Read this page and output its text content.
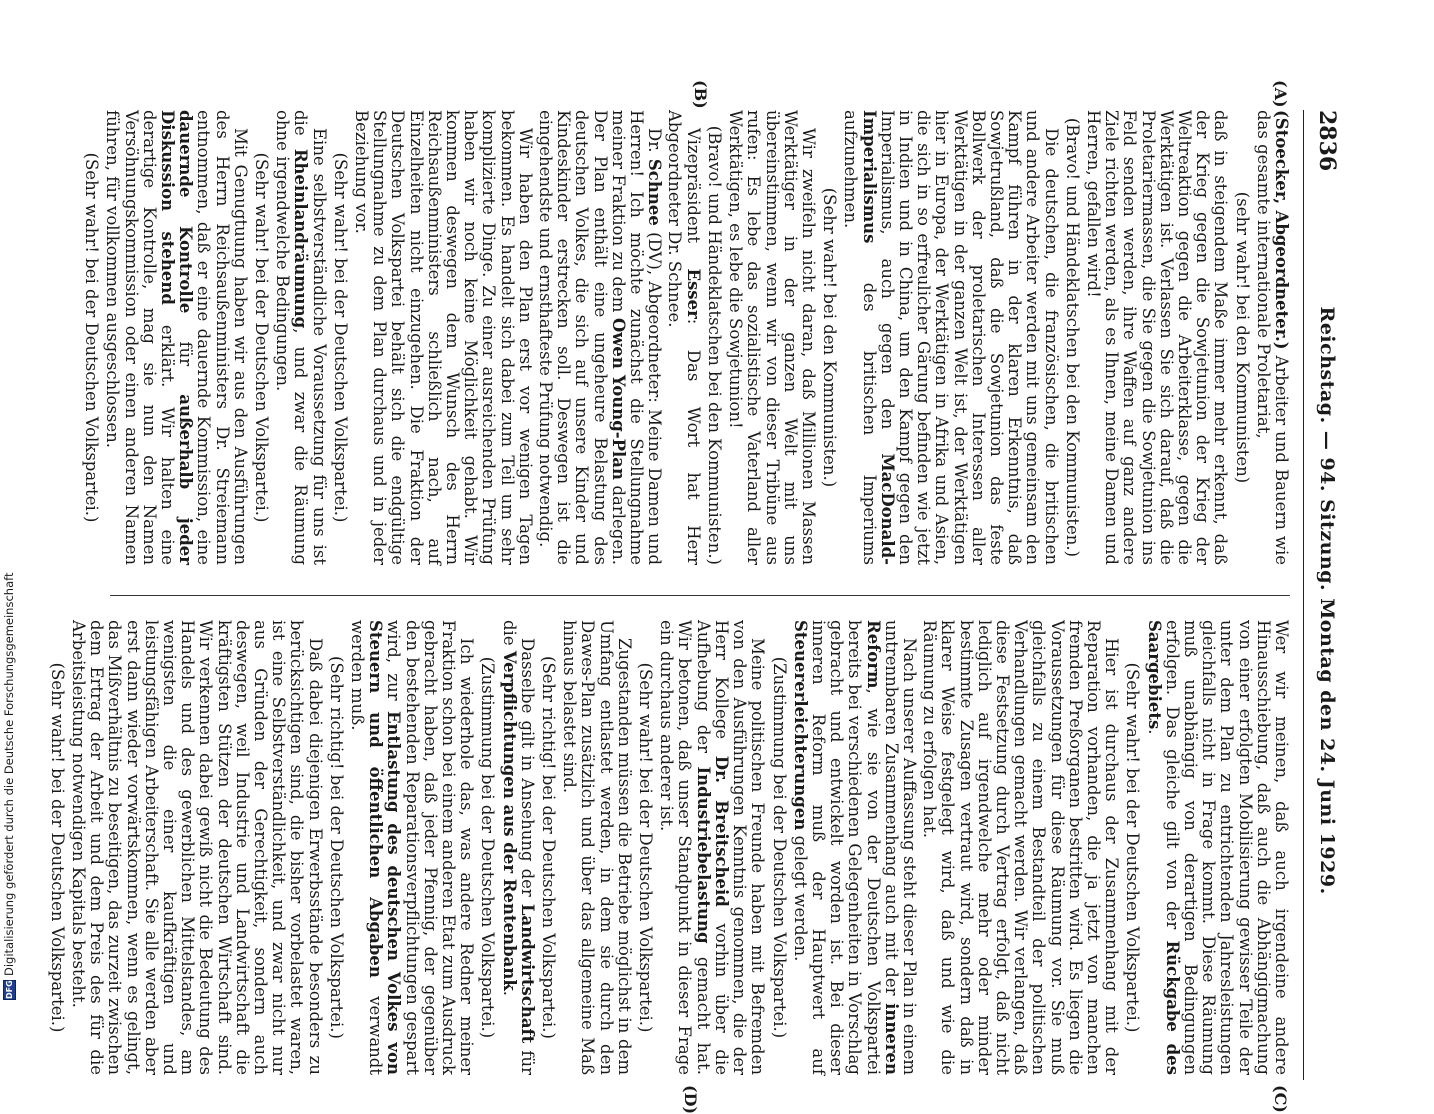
2836
Reichstag. — 94. Sitzung. Montag den 24. Juni 1929.
(A)
(B)
(C)
(D)

(Stoecker, Abgeordneter.) Arbeiter und Bauern wie das gesamte internationale Proletariat,

(sehr wahr! bei den Kommunisten)

daß in steigendem Maße immer mehr erkennt, daß der Krieg gegen die Sowjetunion der Krieg der Weltreaktion gegen die Arbeiterklasse, gegen die Werktätigen ist. Verlassen Sie sich darauf, daß die Proletariermassen, die Sie gegen die Sowjetunion ins Feld senden werden, ihre Waffen auf ganz andere Ziele richten werden, als es Ihnen, meine Damen und Herren, gefallen wird!

(Bravo! und Händeklatschen bei den Kommunisten.)

Die deutschen, die französischen, die britischen und andere Arbeiter werden mit uns gemeinsam den Kampf führen in der klaren Erkenntnis, daß Sowjetrußland, daß die Sowjetunion das feste Bollwerk der proletarischen Interessen aller Werktätigen in der ganzen Welt ist, der Werktätigen hier in Europa, der Werktätigen in Afrika und Asien, die sich in so erfreulicher Gärung befinden wie jetzt in Indien und in China, um den Kampf gegen den Imperialismus, auch gegen den MacDonald-Imperialismus des britischen Imperiums aufzunehmen.

(Sehr wahr! bei den Kommunisten.)

Wir zweifeln nicht daran, daß Millionen Massen Werktätiger in der ganzen Welt mit uns übereinstimmen, wenn wir von dieser Tribüne aus rufen: Es lebe das sozialistische Vaterland aller Werktätigen, es lebe die Sowjetunion!

(Bravo! und Händeklatschen bei den Kommunisten.)

Vizepräsident Esser: Das Wort hat Herr Abgeordneter Dr. Schnee.

Dr. Schnee (DV), Abgeordneter: Meine Damen und Herren! Ich möchte zunächst die Stellungnahme meiner Fraktion zu dem Owen Young-Plan darlegen. Der Plan enthält eine ungeheure Belastung des deutschen Volkes, die sich auf unsere Kinder und Kindeskinder erstrecken soll. Deswegen ist die eingehendste und ernsthafteste Prüfung notwendig.

Wir haben den Plan erst vor wenigen Tagen bekommen. Es handelt sich dabei zum Teil um sehr komplizierte Dinge. Zu einer ausreichenden Prüfung haben wir noch keine Möglichkeit gehabt. Wir kommen deswegen dem Wunsch des Herrn Reichsaußenministers schließlich nach, auf Einzelheiten nicht einzugehen. Die Fraktion der Deutschen Volkspartei behält sich die endgültige Stellungnahme zu dem Plan durchaus und in jeder Beziehung vor.

(Sehr wahr! bei der Deutschen Volkspartei.)

Eine selbstverständliche Voraussetzung für uns ist die Rheinlandräumung, und zwar die Räumung ohne irgendwelche Bedingungen.

(Sehr wahr! bei der Deutschen Volkspartei.)

Mit Genugtuung haben wir aus den Ausführungen des Herrn Reichsaußenministers Dr. Streiemann entnommen, daß er eine dauernde Kommission, eine dauernde Kontrolle für außerhalb jeder Diskussion stehend erklärt. Wir halten eine derartige Kontrolle, mag sie nun den Namen Versöhnungskommission oder einen anderen Namen führen, für vollkommen ausgeschlossen.

(Sehr wahr! bei der Deutschen Volkspartei.)

Wer wir meinen, daß auch irgendeine andere Hinausschiebung, daß auch die Abhängigmachung von einer erfolgten Mobilisierung gewisser Teile der unter dem Plan zu entrichtenden Jahresleistungen gleichfalls nicht in Frage kommt. Diese Räumung muß unabhängig von derartigen Bedingungen erfolgen. Das gleiche gilt von der Rückgabe des Saargebiets.

(Sehr wahr! bei der Deutschen Volkspartei.)

Hier ist durchaus der Zusammenhang mit der Reparation vorhanden, die ja jetzt von manchen fremden Preßorganen bestritten wird. Es liegen die Voraussetzungen für diese Räumung vor. Sie muß gleichfalls zu einem Bestandteil der politischen Verhandlungen gemacht werden. Wir verlangen, daß diese Festsetzung durch Vertrag erfolgt, daß nicht lediglich auf irgendwelche mehr oder minder bestimmte Zusagen vertraut wird, sondern daß in klarer Weise festgelegt wird, daß und wie die Räumung zu erfolgen hat.

Nach unserer Auffassung steht dieser Plan in einem untrennbaren Zusammenhang auch mit der inneren Reform, wie sie von der Deutschen Volkspartei bereits bei verschiedenen Gelegenheiten in Vorschlag gebracht und entwickelt worden ist. Bei dieser inneren Reform muß der Hauptwert auf Steuererleichterungen gelegt werden.

(Zustimmung bei der Deutschen Volkspartei.)

Meine politischen Freunde haben mit Befremden von den Ausführungen Kenntnis genommen, die der Herr Kollege Dr. Breitscheid vorhin über die Aufhebung der Industriebelastung gemacht hat. Wir betonen, daß unser Standpunkt in dieser Frage ein durchaus anderer ist.

(Sehr wahr! bei der Deutschen Volkspartei.)

Zugestanden müssen die Betriebe möglichst in dem Umfang entlastet werden, in dem sie durch den Dawes-Plan zusätzlich und über das allgemeine Maß hinaus belastet sind.

(Sehr richtig! bei der Deutschen Volkspartei.)

Dasselbe gilt in Ansehung der Landwirtschaft für die Verpflichtungen aus der Rentenbank.

(Zustimmung bei der Deutschen Volkspartei.)

Ich wiederhole das, was andere Redner meiner Fraktion schon bei einem anderen Etat zum Ausdruck gebracht haben, daß jeder Pfennig, der gegenüber den bestehenden Reparationsverpflichtungen gespart wird, zur Entlastung des deutschen Volkes von Steuern und öffentlichen Abgaben verwandt werden muß.

(Sehr richtig! bei der Deutschen Volkspartei.)

Daß dabei diejenigen Erwerbsstände besonders zu berücksichtigen sind, die bisher vorbelastet waren, ist eine Selbstverständlichkeit, und zwar nicht nur aus Gründen der Gerechtigkeit, sondern auch deswegen, weil Industrie und Landwirtschaft die kräftigsten Stützen der deutschen Wirtschaft sind. Wir verkennen dabei gewiß nicht die Bedeutung des Handels und des gewerblichen Mittelstandes, am wenigsten die einer kaufkräftigen und leistungsfähigen Arbeiterschaft. Sie alle werden aber erst dann wieder vorwärtskommen, wenn es gelingt, das Mißverhältnis zu beseitigen, das zurzeit zwischen dem Ertrag der Arbeit und dem Preis des für die Arbeitsleistung notwendigen Kapitals besteht.

(Sehr wahr! bei der Deutschen Volkspartei.)

DFG
Digitalisierung gefördert durch die Deutsche Forschungsgemeinschaft
